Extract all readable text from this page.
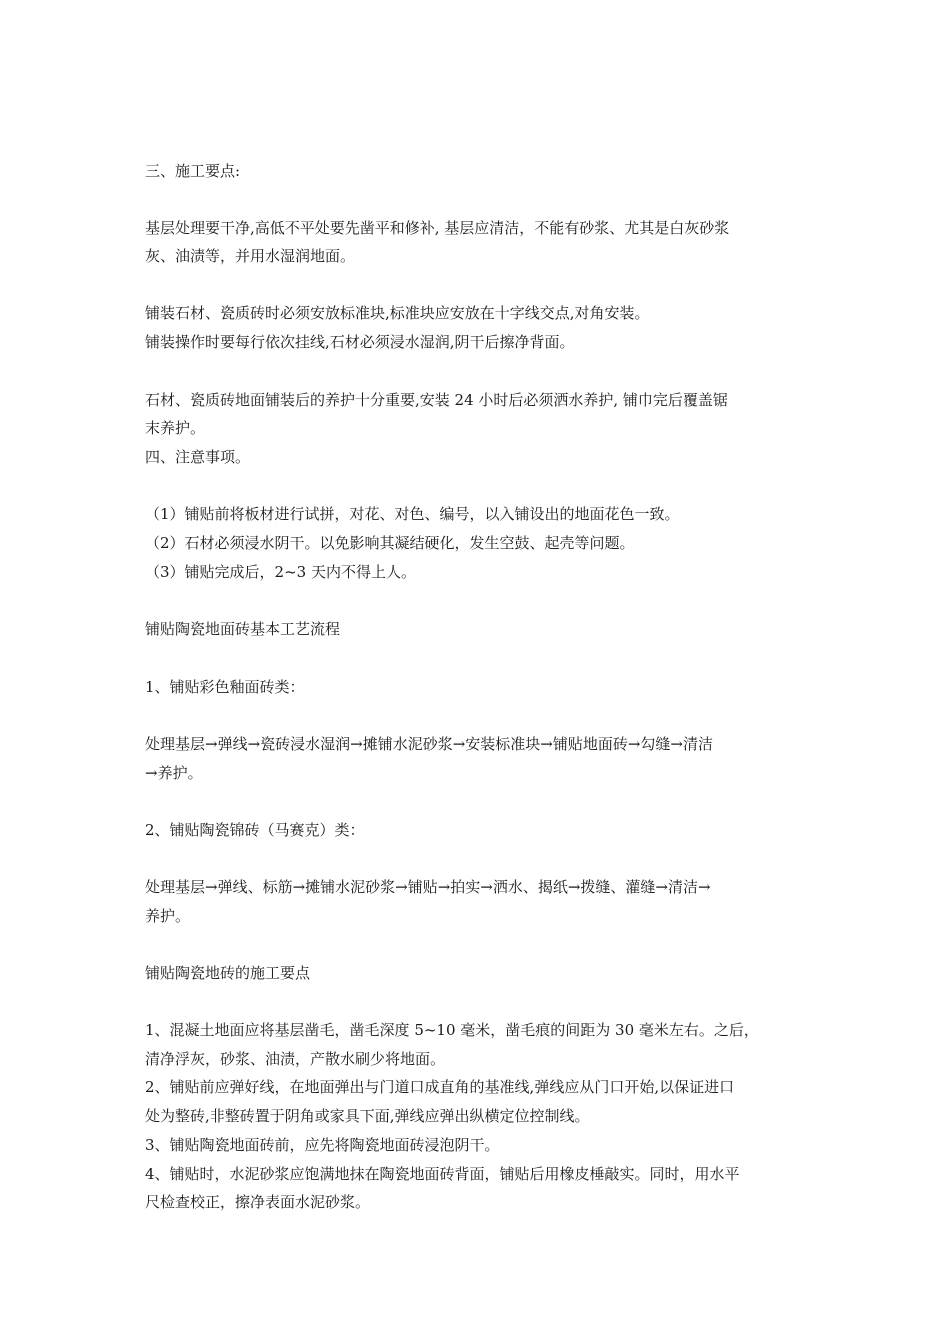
三、施工要点:
基层处理要干净,高低不平处要先凿平和修补, 基层应清洁，不能有砂浆、尤其是白灰砂浆
灰、油渍等，并用水湿润地面。
铺装石材、瓷质砖时必须安放标准块,标准块应安放在十字线交点,对角安装。
铺装操作时要每行依次挂线,石材必须浸水湿润,阴干后擦净背面。
石材、瓷质砖地面铺装后的养护十分重要,安装 24 小时后必须洒水养护, 铺巾完后覆盖锯
末养护。
四、注意事项。
（1）铺贴前将板材进行试拼，对花、对色、编号，以入铺设出的地面花色一致。
（2）石材必须浸水阴干。以免影响其凝结硬化，发生空鼓、起壳等问题。
（3）铺贴完成后，2~3 天内不得上人。
铺贴陶瓷地面砖基本工艺流程
1、铺贴彩色釉面砖类：
处理基层→弹线→瓷砖浸水湿润→摊铺水泥砂浆→安装标准块→铺贴地面砖→勾缝→清洁
→养护。
2、铺贴陶瓷锦砖（马赛克）类：
处理基层→弹线、标筋→摊铺水泥砂浆→铺贴→拍实→洒水、揭纸→拨缝、灌缝→清洁→
养护。
铺贴陶瓷地砖的施工要点
1、混凝土地面应将基层凿毛，凿毛深度 5~10 毫米，凿毛痕的间距为 30 毫米左右。之后，
清净浮灰，砂浆、油渍，产散水刷少将地面。
2、铺贴前应弹好线，在地面弹出与门道口成直角的基准线,弹线应从门口开始,以保证进口
处为整砖,非整砖置于阴角或家具下面,弹线应弹出纵横定位控制线。
3、铺贴陶瓷地面砖前，应先将陶瓷地面砖浸泡阴干。
4、铺贴时，水泥砂浆应饱满地抹在陶瓷地面砖背面，铺贴后用橡皮棰敲实。同时，用水平
尺检查校正，擦净表面水泥砂浆。
